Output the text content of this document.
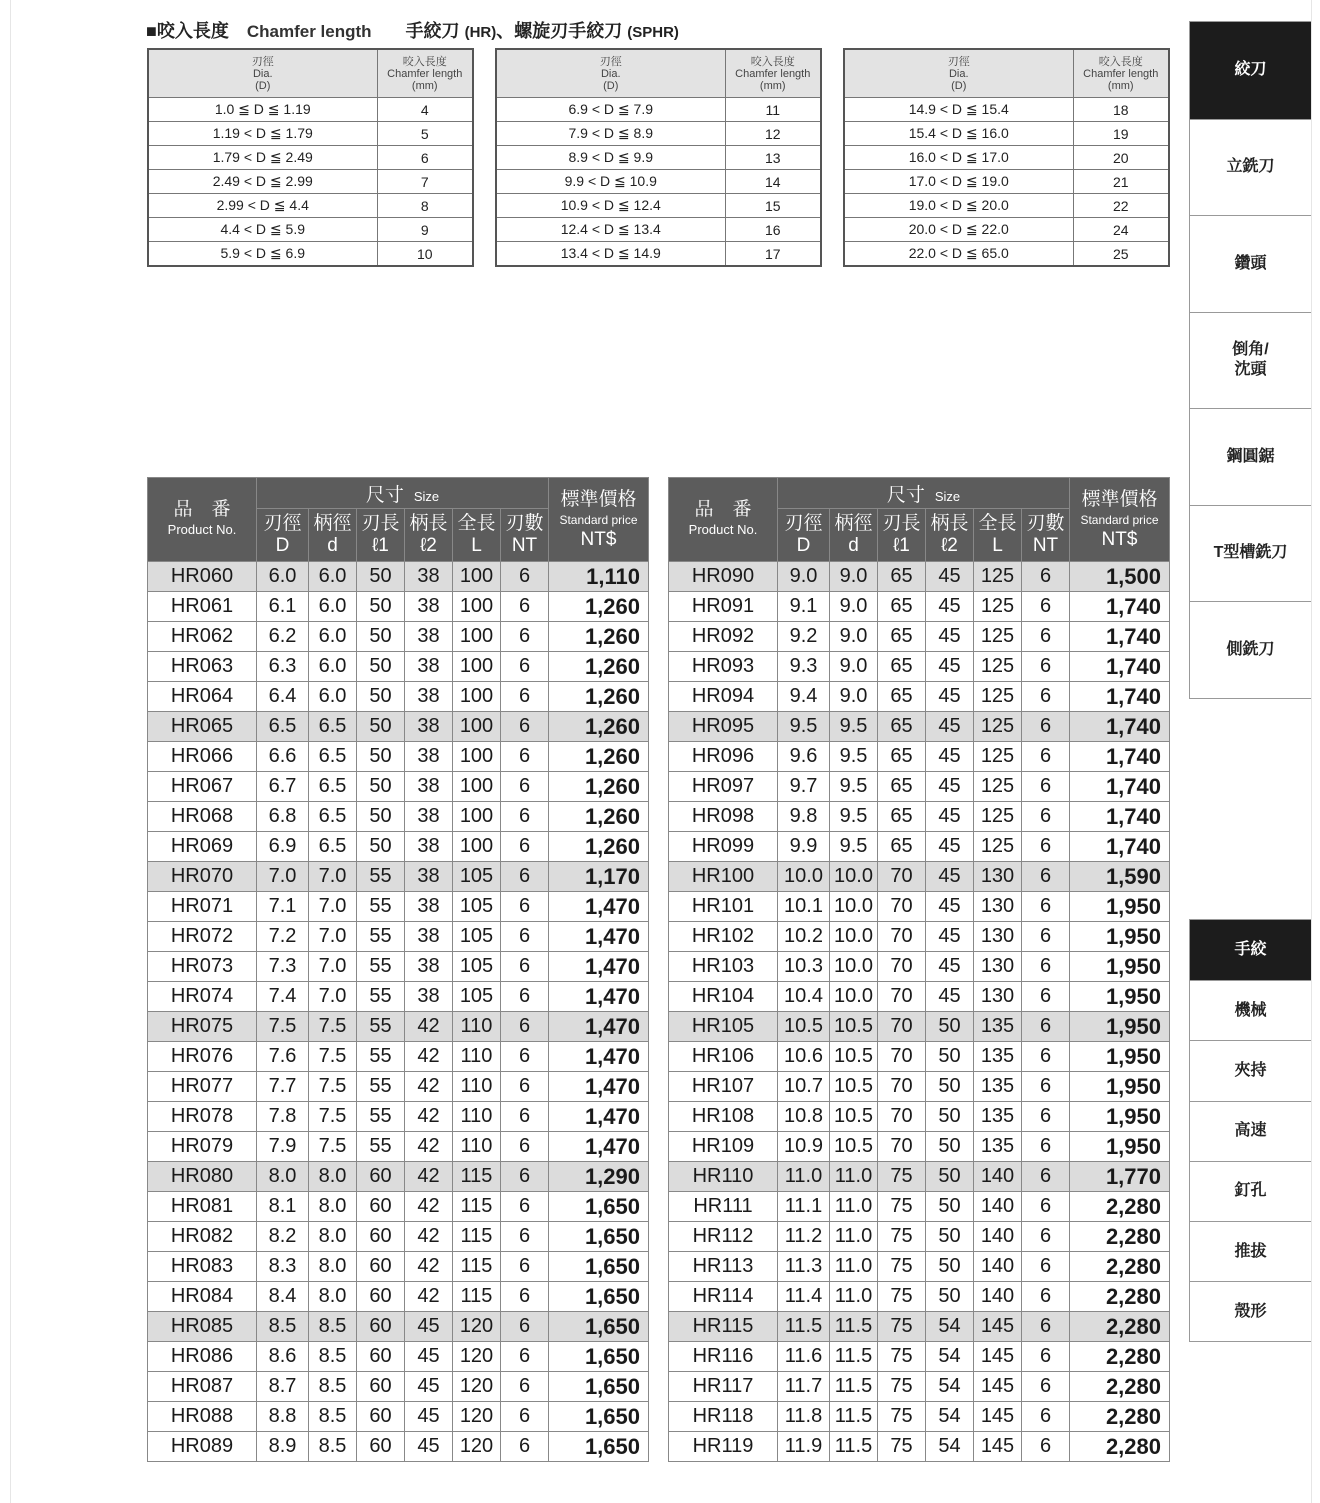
■咬入長度 Chamfer length 手絞刀 (HR)、螺旋刃手絞刀 (SPHR)
刃徑
Dia.
(D)	咬入長度
Chamfer length
(mm)

1.0 ≦ D ≦ 1.19	4
1.19 < D ≦ 1.79	5
1.79 < D ≦ 2.49	6
2.49 < D ≦ 2.99	7
2.99 < D ≦ 4.4	8
4.4 < D ≦ 5.9	9
5.9 < D ≦ 6.9	10
刃徑
Dia.
(D)	咬入長度
Chamfer length
(mm)

6.9 < D ≦ 7.9	11
7.9 < D ≦ 8.9	12
8.9 < D ≦ 9.9	13
9.9 < D ≦ 10.9	14
10.9 < D ≦ 12.4	15
12.4 < D ≦ 13.4	16
13.4 < D ≦ 14.9	17
刃徑
Dia.
(D)	咬入長度
Chamfer length
(mm)

14.9 < D ≦ 15.4	18
15.4 < D ≦ 16.0	19
16.0 < D ≦ 17.0	20
17.0 < D ≦ 19.0	21
19.0 < D ≦ 20.0	22
20.0 < D ≦ 22.0	24
22.0 < D ≦ 65.0	25
品　番
Product No.	尺寸 Size						標準價格
Standard price
NT$

	刃徑
D	柄徑
d	刃長
ℓ1	柄長
ℓ2	全長
L	刃數
NT	

HR060	6.0	6.0	50	38	100	6	1,110
HR061	6.1	6.0	50	38	100	6	1,260
HR062	6.2	6.0	50	38	100	6	1,260
HR063	6.3	6.0	50	38	100	6	1,260
HR064	6.4	6.0	50	38	100	6	1,260
HR065	6.5	6.5	50	38	100	6	1,260
HR066	6.6	6.5	50	38	100	6	1,260
HR067	6.7	6.5	50	38	100	6	1,260
HR068	6.8	6.5	50	38	100	6	1,260
HR069	6.9	6.5	50	38	100	6	1,260
HR070	7.0	7.0	55	38	105	6	1,170
HR071	7.1	7.0	55	38	105	6	1,470
HR072	7.2	7.0	55	38	105	6	1,470
HR073	7.3	7.0	55	38	105	6	1,470
HR074	7.4	7.0	55	38	105	6	1,470
HR075	7.5	7.5	55	42	110	6	1,470
HR076	7.6	7.5	55	42	110	6	1,470
HR077	7.7	7.5	55	42	110	6	1,470
HR078	7.8	7.5	55	42	110	6	1,470
HR079	7.9	7.5	55	42	110	6	1,470
HR080	8.0	8.0	60	42	115	6	1,290
HR081	8.1	8.0	60	42	115	6	1,650
HR082	8.2	8.0	60	42	115	6	1,650
HR083	8.3	8.0	60	42	115	6	1,650
HR084	8.4	8.0	60	42	115	6	1,650
HR085	8.5	8.5	60	45	120	6	1,650
HR086	8.6	8.5	60	45	120	6	1,650
HR087	8.7	8.5	60	45	120	6	1,650
HR088	8.8	8.5	60	45	120	6	1,650
HR089	8.9	8.5	60	45	120	6	1,650
品　番
Product No.	尺寸 Size						標準價格
Standard price
NT$

	刃徑
D	柄徑
d	刃長
ℓ1	柄長
ℓ2	全長
L	刃數
NT	

HR090	9.0	9.0	65	45	125	6	1,500
HR091	9.1	9.0	65	45	125	6	1,740
HR092	9.2	9.0	65	45	125	6	1,740
HR093	9.3	9.0	65	45	125	6	1,740
HR094	9.4	9.0	65	45	125	6	1,740
HR095	9.5	9.5	65	45	125	6	1,740
HR096	9.6	9.5	65	45	125	6	1,740
HR097	9.7	9.5	65	45	125	6	1,740
HR098	9.8	9.5	65	45	125	6	1,740
HR099	9.9	9.5	65	45	125	6	1,740
HR100	10.0	10.0	70	45	130	6	1,590
HR101	10.1	10.0	70	45	130	6	1,950
HR102	10.2	10.0	70	45	130	6	1,950
HR103	10.3	10.0	70	45	130	6	1,950
HR104	10.4	10.0	70	45	130	6	1,950
HR105	10.5	10.5	70	50	135	6	1,950
HR106	10.6	10.5	70	50	135	6	1,950
HR107	10.7	10.5	70	50	135	6	1,950
HR108	10.8	10.5	70	50	135	6	1,950
HR109	10.9	10.5	70	50	135	6	1,950
HR110	11.0	11.0	75	50	140	6	1,770
HR111	11.1	11.0	75	50	140	6	2,280
HR112	11.2	11.0	75	50	140	6	2,280
HR113	11.3	11.0	75	50	140	6	2,280
HR114	11.4	11.0	75	50	140	6	2,280
HR115	11.5	11.5	75	54	145	6	2,280
HR116	11.6	11.5	75	54	145	6	2,280
HR117	11.7	11.5	75	54	145	6	2,280
HR118	11.8	11.5	75	54	145	6	2,280
HR119	11.9	11.5	75	54	145	6	2,280
絞刀
立銑刀
鑽頭
倒角/
沈頭
鋼圓鋸
T型槽銑刀
側銑刀
手絞
機械
夾持
高速
釘孔
推拔
殼形
